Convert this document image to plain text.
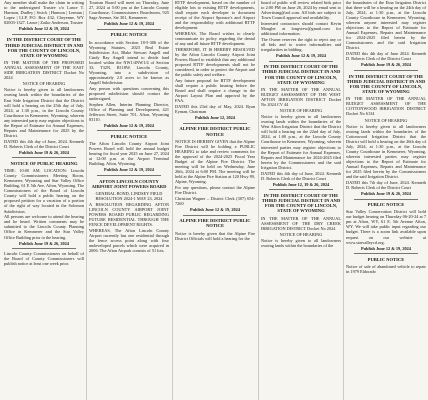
Any member shall make the claim in writing to the undersigned Trustee c/o Lance T. Harmon, Dudley | Swick | Harmon | Lerman | Lopez | LLP, P.O. Box 432, Cheyenne, WY 82003-1327. Lance | Zaiko Anderson, Trustee

Publish June 12 & 19, 2024
IN THE DISTRICT COURT OF THE THIRD JUDICIAL DISTRICT IN AND FOR THE COUNTY OF LINCOLN, STATE OF WYOMING

IN THE MATTER OF THE PROPOSED ANNUAL ASSESSMENT OF THE EAST SIDE IRRIGATION DISTRICT Docket No 2024

NOTICE OF HEARING

Notice is hereby given to all landowners owning lands within the boundaries of the East Side Irrigation District that the District will hold a hearing on the 25th day of July, 2024, at 1:30 p.m., in the Lincoln County Courthouse in Kemmerer, Wyoming, wherein any interested party may register objections to the Report of Estimate for Annual Expenses, Repairs and Maintenance for 2025 by the District.

DATED this 4th day of June, 2024. Kenneth D. Roberts Clerk of the District Court

Publish June 19 & 26, 2024
NOTICE OF PUBLIC HEARING

TIME: 10:00 AM. LOCATION: Lincoln County Commissioners Meeting Room, Kemmerer, Wyoming and Star Valley Office Building, 61 E 5th Ave, Afton, Wyoming. The Commissioners of the Board of Lincoln County will hold a public hearing on the proposed petition for a vacation of a portion of the right of way located in the Solomon Subdivision.

All persons are welcome to attend the hearing and be heard. Written comments may be submitted to the Lincoln County Planning Office in Kemmerer and the Star Valley Office Building prior to the hearing.

Publish June 19 & 26, 2024

Lincoln County Commissioners on behalf of the Board of County Commissioners will publish notice at least one week prior.

Tourism Board will meet on Thursday, June 27, 2024 at 5:00 pm at the Lincoln County Courthouse, Commissioners Boardroom, 925 Sage Avenue, Ste 301, Kemmerer.

Publish June 12 & 19, 2024
PUBLIC NOTICE

In accordance with Section 18-5-306 of the Wyoming Statutes, 2023 Real Estate Subdivision Act, Blake Stewart Angell and Cindy Ray Angell intend to divide land located within the NW1/4NW1/4 of Section 33, T32N, R118W, Lincoln County, Wyoming, into a subdivision of approximately 2.0 acres to be known as Angell Subdivision.

Any person with questions concerning this proposed subdivision should contact the undersigned.

Stephen Allen, Interim Planning Director, Office of Planning and Development, 421 Jefferson Street, Suite 701, Afton, Wyoming 83110.

Publish June 12 & 19, 2024
PUBLIC NOTICE

The Afton Lincoln County Airport Joint Powers Board will hold the annual budget hearing for fiscal year 2025 on June 27, 2024 at 12:00 p.m. at the Airport Terminal Building, Afton, Wyoming.

Publish June 12 & 19, 2024
AFTON LINCOLN COUNTY AIRPORT JOINT POWERS BOARD
GENERAL BOND, LINDSEY FIELD RESOLUTION 2024-1 MAY 23, 2024

A RESOLUTION REGARDING AFTON LINCOLN COUNTY AIRPORT JOINT POWERS BOARD PUBLIC REGARDING FUTURE RESIDENTIAL THROUGH THE FENCE DEVELOPMENT RIGHTS.

WHEREAS, The Afton Lincoln County Airport currently has one residential through the fence access point along with four undeveloped parcels which were acquired in 2006. The Afton Airpark consists of 51 lots.

RTTF development, based on the number of eligible lots to existing RTTF developments, shall require each developer to document receipt of the Airport Sponsor's and Airport and the responsibility with additional RTTF development.

WHEREAS, The Board wishes to clearly communicate its policy regarding the denial of any and all future RTTF development.

THEREFORE, IT IS HEREBY RESOLVED by the Afton Lincoln County Airport Joint Powers Board to establish that any additional proposed RTTF developments shall not be considered, in order to protect the Airport and the public safety and welfare.

Any future proposal for RTTF development shall require a public hearing before the Board and shall require a change in the Airport Layout Plan and approval by the FAA.

DATED this 23rd day of May, 2024. Ryan Eyman, Chairman

Publish June 12, 2024
ALPINE FIRE DISTRICT PUBLIC NOTICE

NOTICE IS HEREBY GIVEN that the Alpine Fire District will be holding a PUBLIC HEARING to take and review comments for the approval of the 2024-2025 Fiscal Year Budget of the Alpine Fire District. The meeting will be held on Wednesday, June 26th, 2024 at 6:00 PM. The meeting will be held at the Alpine Fire Station at 120 Hwy 89, Alpine, Wyoming.

For any questions, please contact the Alpine Fire District.

Christian Wagner – District Clerk (307) 654-7260

Publish June 12 & 19, 2024
ALPINE FIRE DISTRICT PUBLIC NOTICE

Notice is hereby given that the Alpine Fire District Officials will hold a hearing for the

board of public will review related bids prior to 2:00 PM on June 26, 2024 by email sent to Advertising@aol.com. All bids are subject to Town Council approval and availability.

Interested contractors should contact Kevin Mougler at longview@gmail.com for additional information.

The Owner reserves the right to reject any or all bids and to waive informalities and irregularities in bidding.

Publish June 12 & 19, 2024
IN THE DISTRICT COURT OF THE THIRD JUDICIAL DISTRICT IN AND FOR THE COUNTY OF LINCOLN, STATE OF WYOMING

IN THE MATTER OF THE ANNUAL BUDGET ASSESSMENT OF THE WEST AFTON IRRIGATION DISTRICT Docket No 2024 CV 44

NOTICE OF HEARING

Notice is hereby given to all landowners owning lands within the boundaries of the West Afton Irrigation District that the District will hold a hearing on the 22nd day of July, 2024, at 1:00 p.m., at the Lincoln County Courthouse in Kemmerer, Wyoming, wherein interested parties may register objections to the Report of Estimate for Annual Expenses, Repairs and Maintenance for 2024-2025 filed herein by the Commissioners and the said Irrigation District.

DATED this 4th day of June, 2024. Kenneth D. Roberts Clerk of the District Court

Publish June 12, 19 & 26, 2024
IN THE DISTRICT COURT OF THE THIRD JUDICIAL DISTRICT IN AND FOR THE COUNTY OF LINCOLN, STATE OF WYOMING

IN THE MATTER OF THE ANNUAL ASSESSMENT OF THE DRY CREEK IRRIGATION DISTRICT Docket No 2024

NOTICE OF HEARING

Notice is hereby given to all landowners owning lands within the boundaries of the

the boundaries of the Etna Irrigation District that there will be a hearing on the 24th day of July, 2024, at 1:30 p.m., at the Lincoln County Courthouse in Kemmerer, Wyoming, wherein anyone interested may register objections to the Report of Estimate for Annual Expenses, Repairs and Maintenance for 2024-2025 filed herein by the Commissioners and the said Irrigation District.

DATED this 4th day of June 2024. Kenneth D. Roberts Clerk of the District Court

Publish June 19 & 26, 2024
IN THE DISTRICT COURT OF THE THIRD JUDICIAL DISTRICT IN AND FOR THE COUNTY OF LINCOLN, STATE OF WYOMING

IN THE MATTER OF THE ANNUAL BUDGET ASSESSMENT OF THE COTTONWOOD IRRIGATION DISTRICT Docket No 6134

NOTICE OF HEARING

Notice is hereby given to all landowners owning lands within the boundaries of the Cottonwood Irrigation District that the District will hold a hearing on the 26th day of July, 2024, at 1:30 p.m., at the Lincoln County Courthouse in Kemmerer, Wyoming, wherein interested parties may register objections to the Report of Estimate for Annual Expenses, Repairs and Maintenance for 2025 filed herein by the Commissioners and the said Irrigation District.

DATED this 7th day of June, 2024. Kenneth D. Roberts Clerk of the District Court

Publish June 19 & 26, 2024
PUBLIC NOTICE

Star Valley Conservation District will hold our budget hearing on Thursday 06-20-24 at 7 pm at Afton, WY, 61 E. 5th Avenue Afton, WY. We will take public input regarding our budget. There is a zoom link available upon request on our website at www.starvalleycd.org.

Publish June 12 & 19, 2024
PUBLIC NOTICE

Notice of sale of abandoned vehicle to repair in 1979 Eldorado
